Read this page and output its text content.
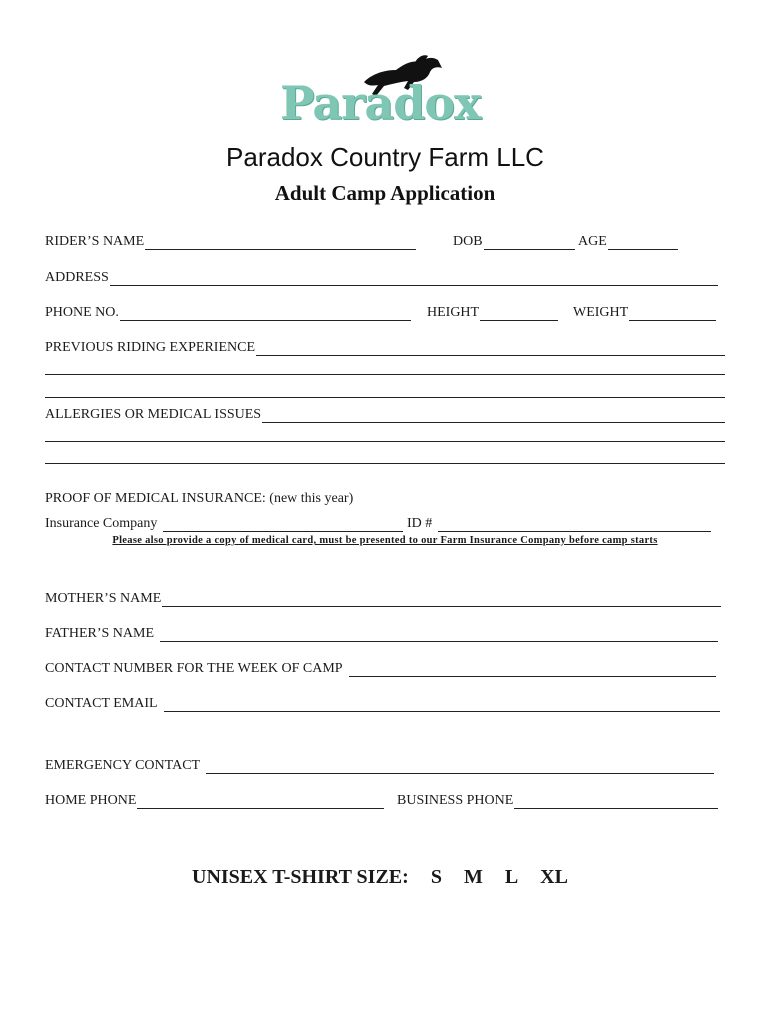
Paradox
Paradox Country Farm LLC
Adult Camp Application
RIDER’S NAME	DOB	AGE
ADDRESS
PHONE NO.	HEIGHT	WEIGHT
PREVIOUS RIDING EXPERIENCE
ALLERGIES OR MEDICAL ISSUES
PROOF OF MEDICAL INSURANCE: (new this year)
Insurance Company	ID #
Please also provide a copy of medical card, must be presented to our Farm Insurance Company before camp starts
MOTHER’S NAME
FATHER’S NAME
CONTACT NUMBER FOR THE WEEK OF CAMP
CONTACT EMAIL
EMERGENCY CONTACT
HOME PHONE	BUSINESS PHONE
UNISEX T-SHIRT SIZE: S M L XL
